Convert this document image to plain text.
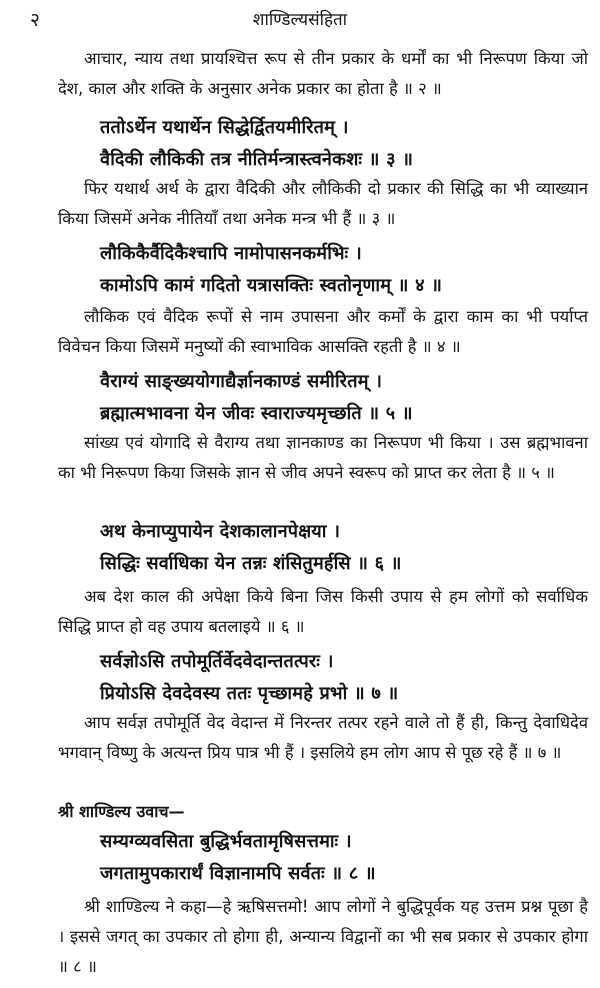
२	शाण्डिल्यसंहिता
आचार, न्याय तथा प्रायश्चित्त रूप से तीन प्रकार के धर्मों का भी निरूपण किया जो देश, काल और शक्ति के अनुसार अनेक प्रकार का होता है ॥ २ ॥
ततोऽर्थेन यथार्थेन सिद्धेर्द्वितयमीरितम् ।
वैदिकी लौकिकी तत्र नीतिर्मन्त्रास्त्वनेकशः ॥ ३ ॥
फिर यथार्थ अर्थ के द्वारा वैदिकी और लौकिकी दो प्रकार की सिद्धि का भी व्याख्यान किया जिसमें अनेक नीतियाँ तथा अनेक मन्त्र भी हैं ॥ ३ ॥
लौकिकैर्वैदिकैश्चापि नामोपासनकर्मभिः ।
कामोऽपि कामं गदितो यत्रासक्तिः स्वतोनृणाम् ॥ ४ ॥
लौकिक एवं वैदिक रूपों से नाम उपासना और कर्मों के द्वारा काम का भी पर्याप्त विवेचन किया जिसमें मनुष्यों की स्वाभाविक आसक्ति रहती है ॥ ४ ॥
वैराग्यं साङ्ख्ययोगाद्यैर्ज्ञानकाण्डं समीरितम् ।
ब्रह्मात्मभावना येन जीवः स्वाराज्यमृच्छति ॥ ५ ॥
सांख्य एवं योगादि से वैराग्य तथा ज्ञानकाण्ड का निरूपण भी किया । उस ब्रह्मभावना का भी निरूपण किया जिसके ज्ञान से जीव अपने स्वरूप को प्राप्त कर लेता है ॥ ५ ॥
अथ केनाप्युपायेन देशकालानपेक्षया ।
सिद्धिः सर्वाधिका येन तन्नः शंसितुमर्हसि ॥ ६ ॥
अब देश काल की अपेक्षा किये बिना जिस किसी उपाय से हम लोगों को सर्वाधिक सिद्धि प्राप्त हो वह उपाय बतलाइये ॥ ६ ॥
सर्वज्ञोऽसि तपोमूर्तिर्वेदवेदान्ततत्परः ।
प्रियोऽसि देवदेवस्य ततः पृच्छामहे प्रभो ॥ ७ ॥
आप सर्वज्ञ तपोमूर्ति वेद वेदान्त में निरन्तर तत्पर रहने वाले तो हैं ही, किन्तु देवाधिदेव भगवान् विष्णु के अत्यन्त प्रिय पात्र भी हैं । इसलिये हम लोग आप से पूछ रहे हैं ॥ ७ ॥
श्री शाण्डिल्य उवाच—
सम्यग्व्यवसिता बुद्धिर्भवतामृषिसत्तमाः ।
जगतामुपकारार्थं विज्ञानामपि सर्वतः ॥ ८ ॥
श्री शाण्डिल्य ने कहा—हे ऋषिसत्तमो! आप लोगों ने बुद्धिपूर्वक यह उत्तम प्रश्न पूछा है । इससे जगत् का उपकार तो होगा ही, अन्यान्य विद्वानों का भी सब प्रकार से उपकार होगा ॥ ८ ॥
